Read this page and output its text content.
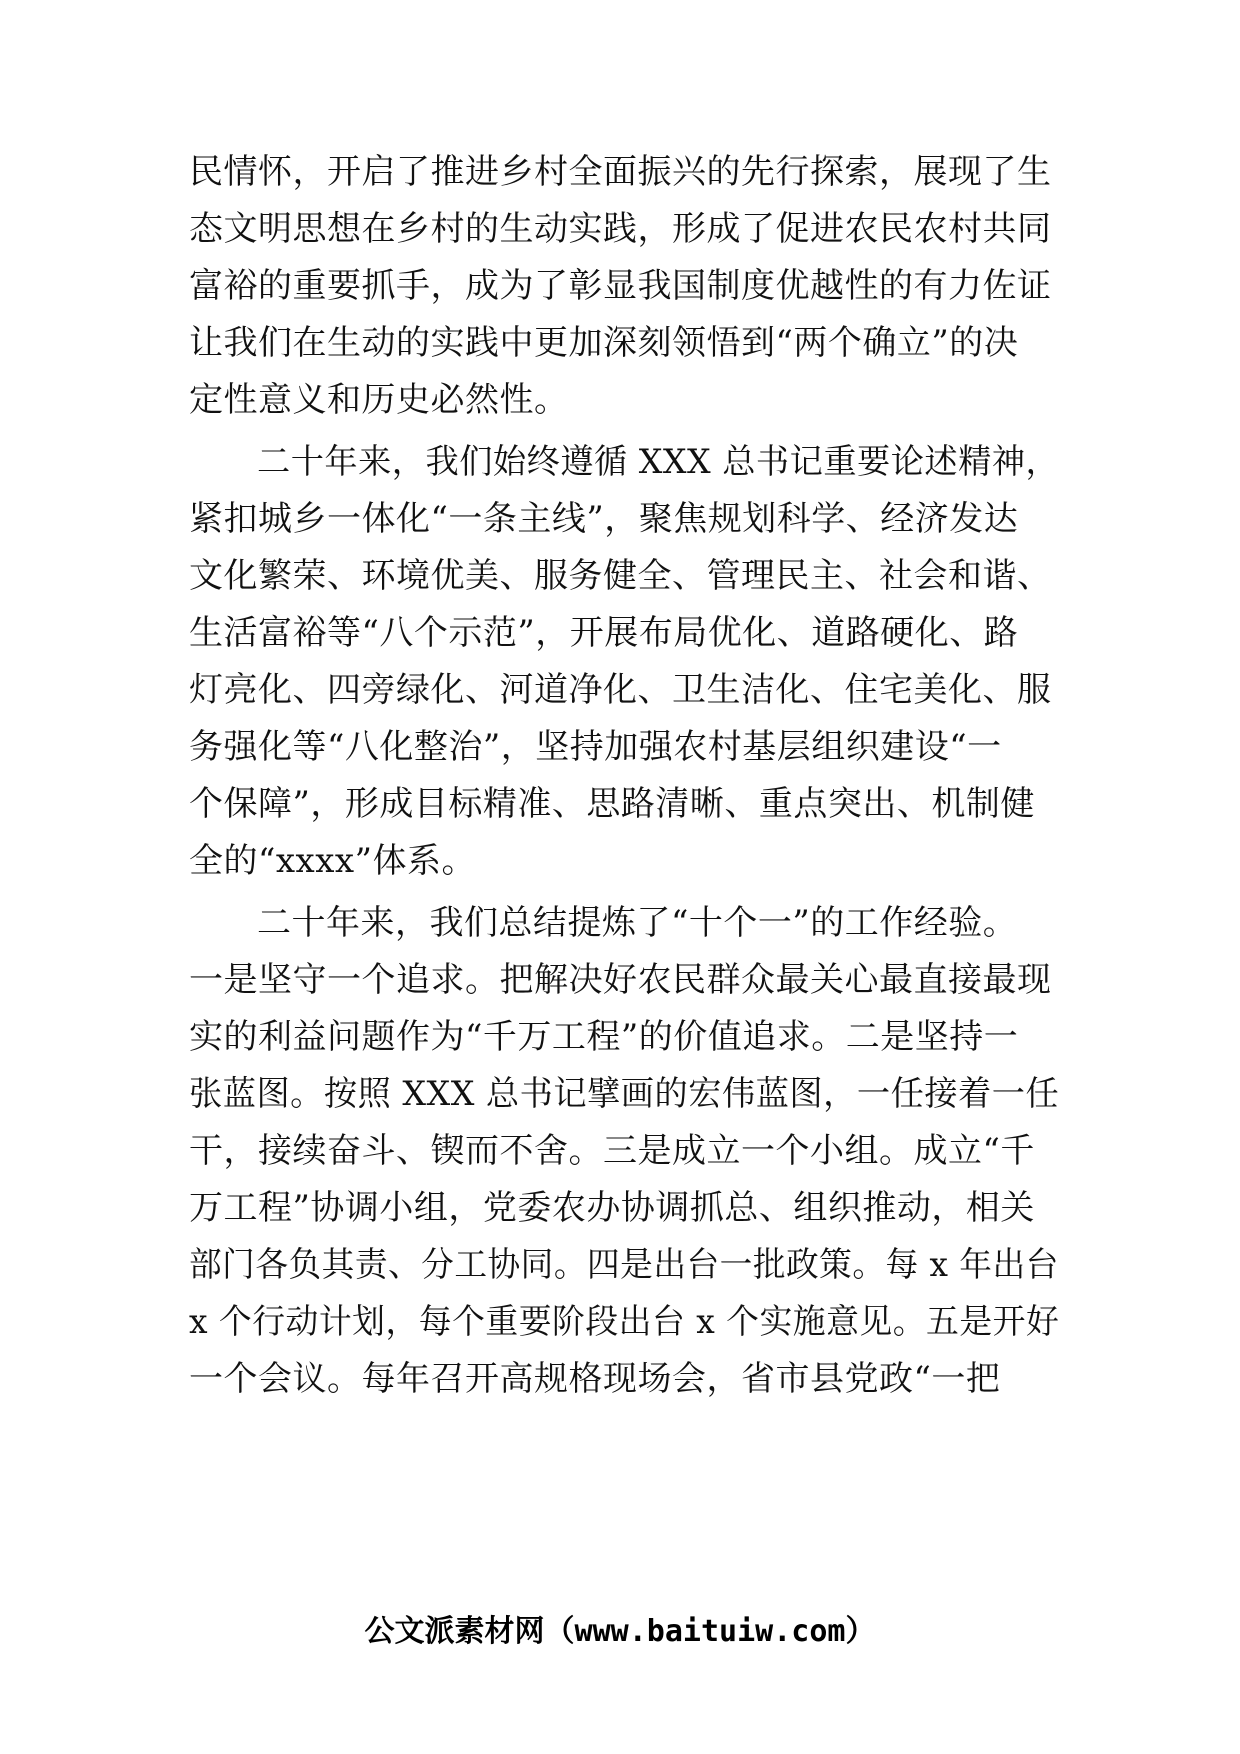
民情怀，开启了推进乡村全面振兴的先行探索，展现了生
态文明思想在乡村的生动实践，形成了促进农民农村共同
富裕的重要抓手，成为了彰显我国制度优越性的有力佐证
让我们在生动的实践中更加深刻领悟到“两个确立”的决
定性意义和历史必然性。
二十年来，我们始终遵循 XXX 总书记重要论述精神，
紧扣城乡一体化“一条主线”，聚焦规划科学、经济发达
文化繁荣、环境优美、服务健全、管理民主、社会和谐、
生活富裕等“八个示范”，开展布局优化、道路硬化、路
灯亮化、四旁绿化、河道净化、卫生洁化、住宅美化、服
务强化等“八化整治”，坚持加强农村基层组织建设“一
个保障”，形成目标精准、思路清晰、重点突出、机制健
全的“xxxx”体系。
二十年来，我们总结提炼了“十个一”的工作经验。
一是坚守一个追求。把解决好农民群众最关心最直接最现
实的利益问题作为“千万工程”的价值追求。二是坚持一
张蓝图。按照 XXX 总书记擘画的宏伟蓝图，一任接着一任
干，接续奋斗、锲而不舍。三是成立一个小组。成立“千
万工程”协调小组，党委农办协调抓总、组织推动，相关
部门各负其责、分工协同。四是出台一批政策。每 x 年出台
x 个行动计划，每个重要阶段出台 x 个实施意见。五是开好
一个会议。每年召开高规格现场会，省市县党政“一把
公文派素材网（www.baituiw.com）
